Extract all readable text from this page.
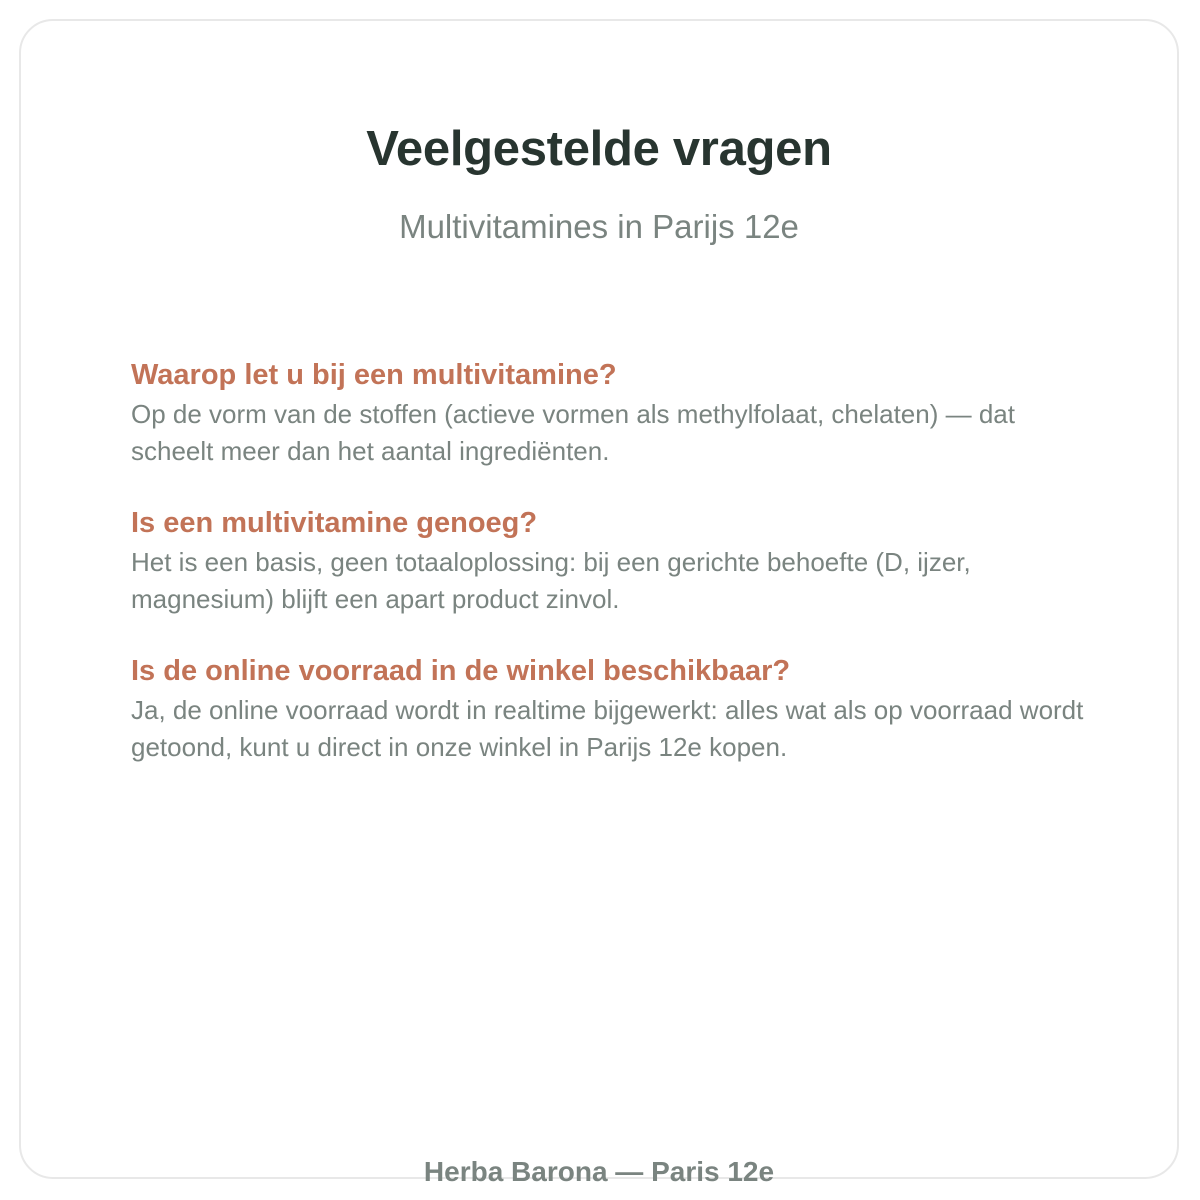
Veelgestelde vragen

Multivitamines in Parijs 12e

Waarop let u bij een multivitamine?

Op de vorm van de stoffen (actieve vormen als methylfolaat, chelaten) — dat scheelt meer dan het aantal ingrediënten.

Is een multivitamine genoeg?

Het is een basis, geen totaaloplossing: bij een gerichte behoefte (D, ijzer, magnesium) blijft een apart product zinvol.

Is de online voorraad in de winkel beschikbaar?

Ja, de online voorraad wordt in realtime bijgewerkt: alles wat als op voorraad wordt getoond, kunt u direct in onze winkel in Parijs 12e kopen.

Herba Barona — Paris 12e
